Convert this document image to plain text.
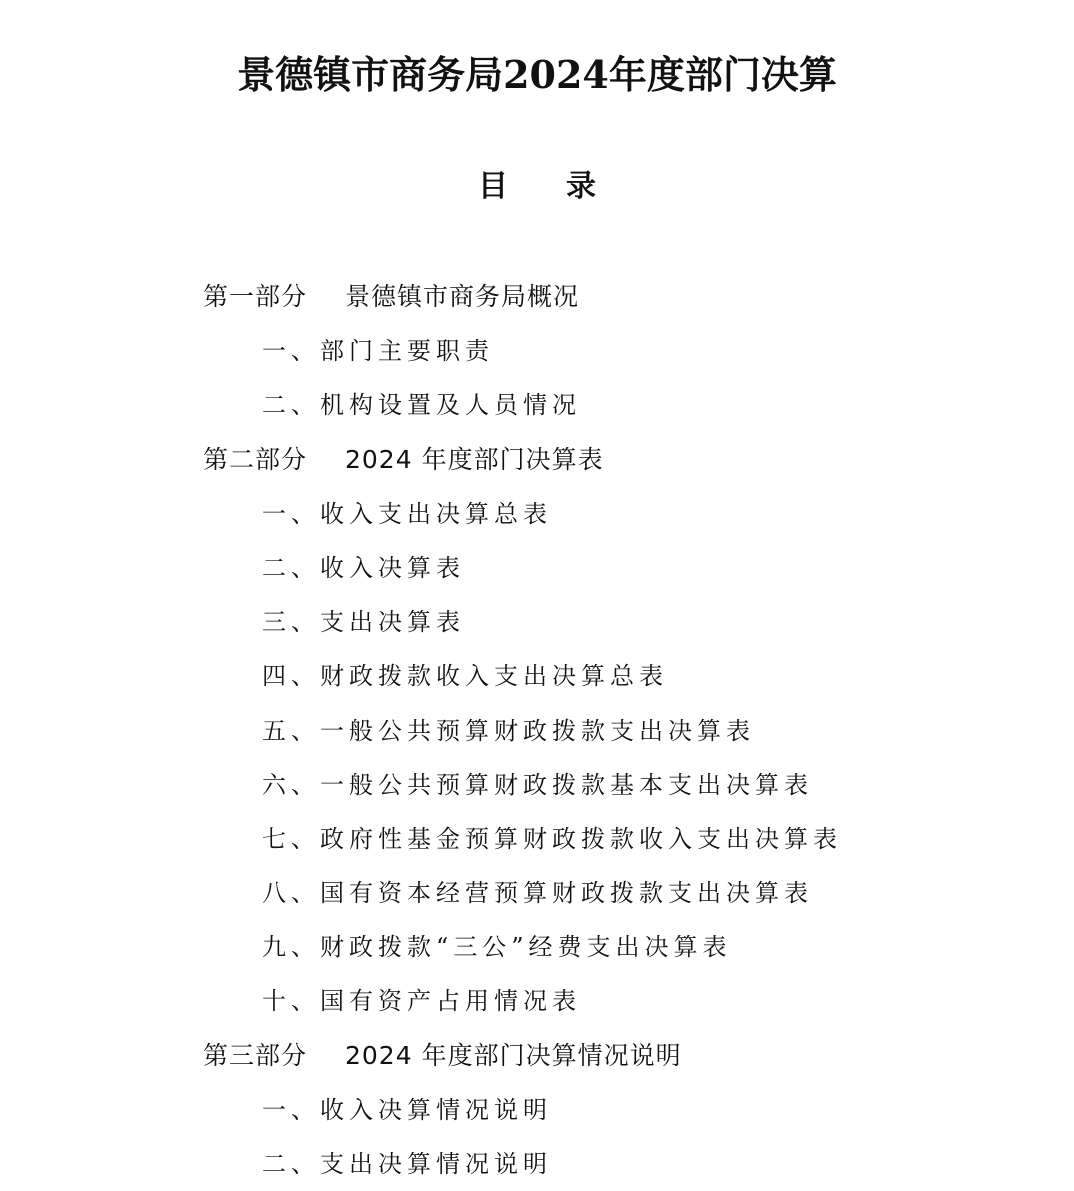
景德镇市商务局2024年度部门决算
目 录
第一部分 景德镇市商务局概况
一、部门主要职责
二、机构设置及人员情况
第二部分 2024 年度部门决算表
一、收入支出决算总表
二、收入决算表
三、支出决算表
四、财政拨款收入支出决算总表
五、一般公共预算财政拨款支出决算表
六、一般公共预算财政拨款基本支出决算表
七、政府性基金预算财政拨款收入支出决算表
八、国有资本经营预算财政拨款支出决算表
九、财政拨款“三公”经费支出决算表
十、国有资产占用情况表
第三部分 2024 年度部门决算情况说明
一、收入决算情况说明
二、支出决算情况说明
